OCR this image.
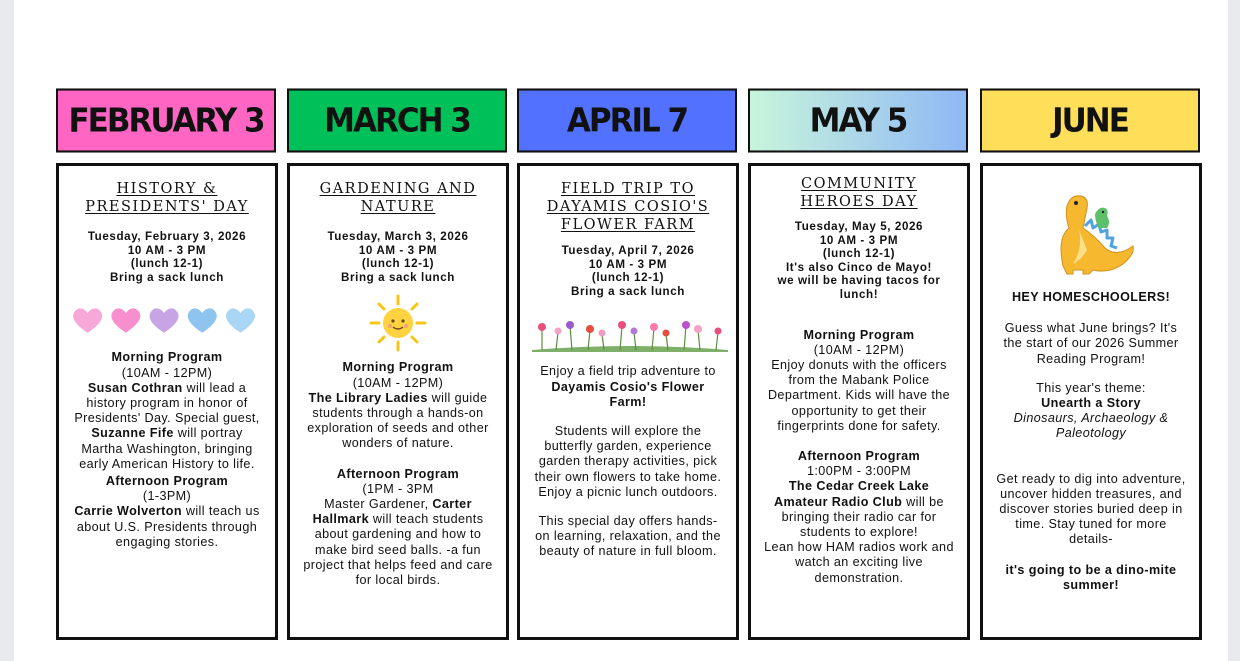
FEBRUARY 3
HISTORY & PRESIDENTS' DAY
Tuesday, February 3, 2026
10 AM - 3 PM
(lunch 12-1)
Bring a sack lunch

Morning Program

(10AM - 12PM)

Susan Cothran will lead a history program in honor of Presidents' Day. Special guest, Suzanne Fife will portray Martha Washington, bringing early American History to life.

Afternoon Program

(1-3PM)

Carrie Wolverton will teach us about U.S. Presidents through engaging stories.

MARCH 3
GARDENING AND NATURE
Tuesday, March 3, 2026
10 AM - 3 PM
(lunch 12-1)
Bring a sack lunch

Morning Program

(10AM - 12PM)

The Library Ladies will guide students through a hands-on exploration of seeds and other wonders of nature.

Afternoon Program

(1PM - 3PM

Master Gardener, Carter Hallmark will teach students about gardening and how to make bird seed balls. -a fun project that helps feed and care for local birds.

APRIL 7
FIELD TRIP TO DAYAMIS COSIO'S FLOWER FARM
Tuesday, April 7, 2026
10 AM - 3 PM
(lunch 12-1)
Bring a sack lunch

Enjoy a field trip adventure to

Dayamis Cosio's Flower Farm!

Students will explore the butterfly garden, experience garden therapy activities, pick their own flowers to take home.

Enjoy a picnic lunch outdoors.

This special day offers hands-on learning, relaxation, and the beauty of nature in full bloom.

MAY 5
COMMUNITY HEROES DAY
Tuesday, May 5, 2026
10 AM - 3 PM
(lunch 12-1)
It's also Cinco de Mayo!
we will be having tacos for lunch!

Morning Program

(10AM - 12PM)

Enjoy donuts with the officers from the Mabank Police Department. Kids will have the opportunity to get their fingerprints done for safety.

Afternoon Program

1:00PM - 3:00PM

The Cedar Creek Lake Amateur Radio Club will be bringing their radio car for students to explore!

Lean how HAM radios work and watch an exciting live demonstration.

JUNE

HEY HOMESCHOOLERS!

Guess what June brings? It's the start of our 2026 Summer Reading Program!

This year's theme:

Unearth a Story

Dinosaurs, Archaeology & Paleotology

Get ready to dig into adventure, uncover hidden treasures, and discover stories buried deep in time. Stay tuned for more details-

it's going to be a dino-mite summer!
